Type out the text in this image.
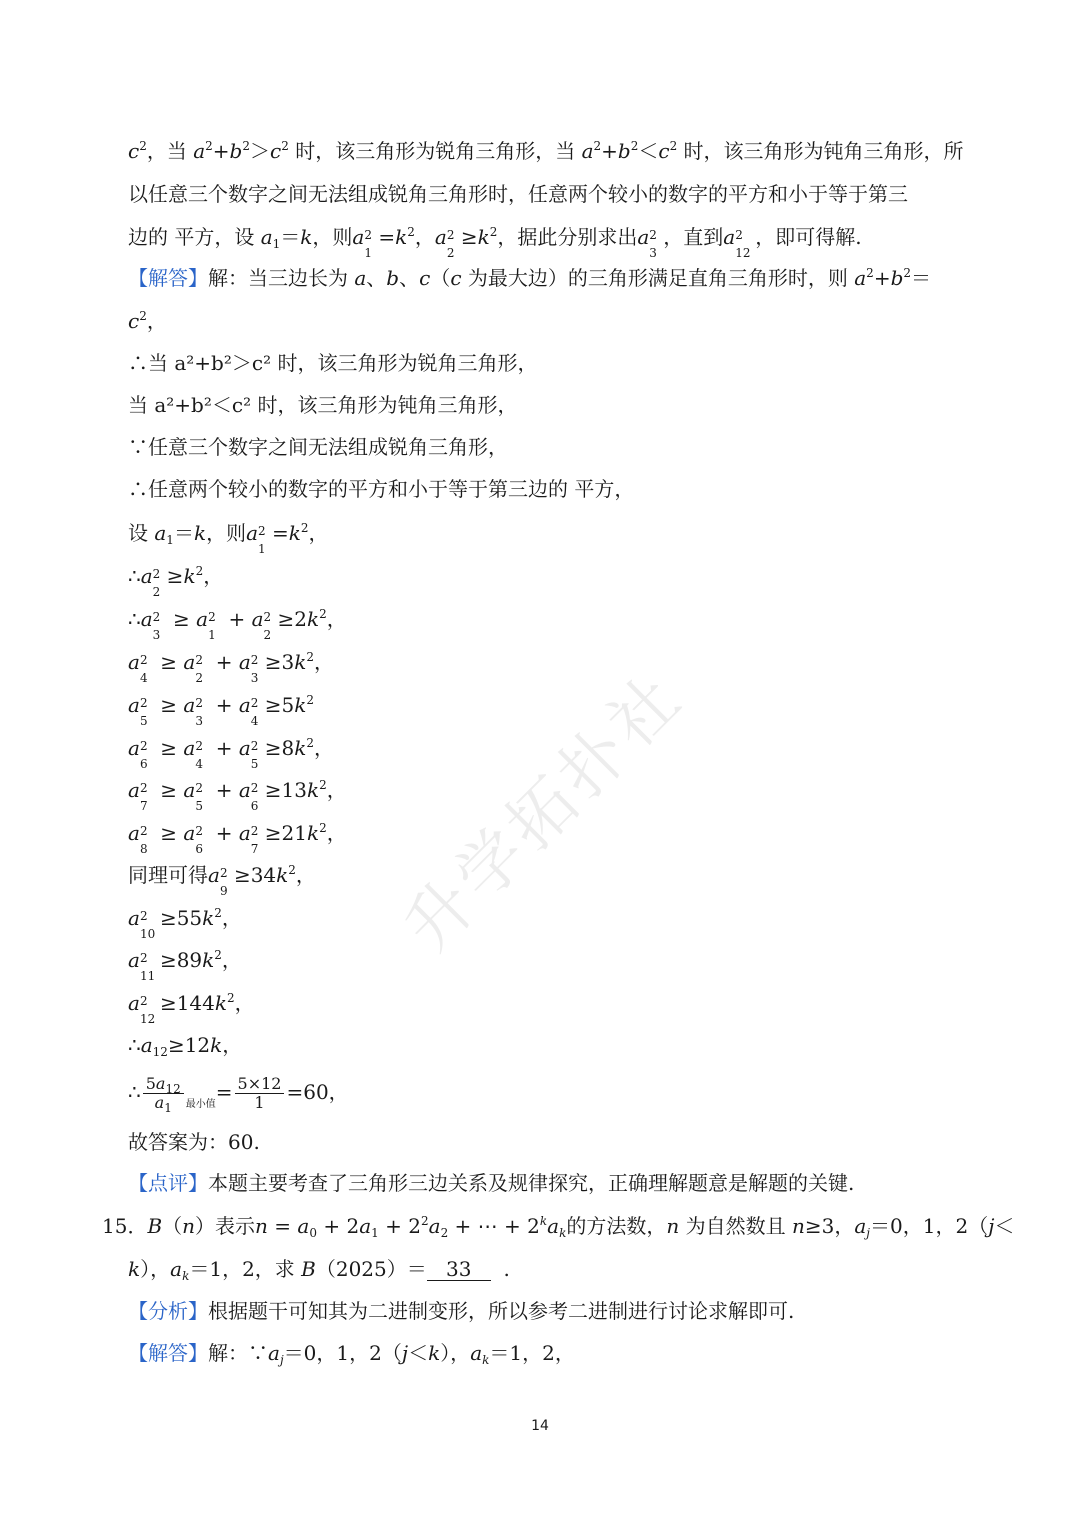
升学拓扑社
$c^2$，当 $a^2+b^2>c^2$ 时，该三角形为锐角三角形，当 $a^2+b^2<c^2$ 时，该三角形为钝角三角形，所
以任意三个数字之间无法组成锐角三角形时，任意两个较小的数字的平方和小于等于第三
边的 平方，设 $a_1=k$，则a 2
1
$=k^2$，a 2
2
$\ge k^2$，据此分别求出a 2
3
，直到a 2
12
，即可得解.
【解答】解：当三边长为 a、b、c（c 为最大边）的三角形满足直角三角形时，则 $a^2+b^2=$
$c^2$，
∴当 a²+b²＞c² 时，该三角形为锐角三角形，
当 a²+b²＜c² 时，该三角形为钝角三角形，
∵任意三个数字之间无法组成锐角三角形，
∴任意两个较小的数字的平方和小于等于第三边的 平方，
设 $a_1=k$，则a 2
1
$=k^2$，
∴a 2
2
$\ge k^2$，
∴a 2
3
≥ a 2
1
+ a 2
2
$\ge 2k^2$，
a 2
4
≥ a 2
2
+ a 2
3
$\ge 3k^2$，
a 2
5
≥ a 2
3
+ a 2
4
$\ge 5k^2$
a 2
6
≥ a 2
4
+ a 2
5
$\ge 8k^2$，
a 2
7
≥ a 2
5
+ a 2
6
$\ge 13k^2$，
a 2
8
≥ a 2
6
+ a 2
7
$\ge 21k^2$，
同理可得a 2
9
$\ge 34k^2$，
a 2
10
$\ge 55k^2$，
a 2
11
$\ge 89k^2$，
a 2
12
$\ge 144k^2$，
$\therefore a_{12}\ge 12k$，
∴ $\frac{5a_{12}}{a_1} _{最小值}= \frac{5\times 12}{1} =60$，
故答案为：60.
【点评】本题主要考查了三角形三边关系及规律探究，正确理解题意是解题的关键.
15．B（n）表示$n = a_0 + 2a_1 + 2^2a_2$ + ⋯ + $2^ka_k$的方法数，n 为自然数且 n≥3，$a_j=0$，1，2（j＜
k），$a_k=1$，2，求 B（2025）＝ 33 .
【分析】根据题干可知其为二进制变形，所以参考二进制进行讨论求解即可.
【解答】解：$\because a_j=0$，1，2（j＜k），$a_k=1$，2，
14
